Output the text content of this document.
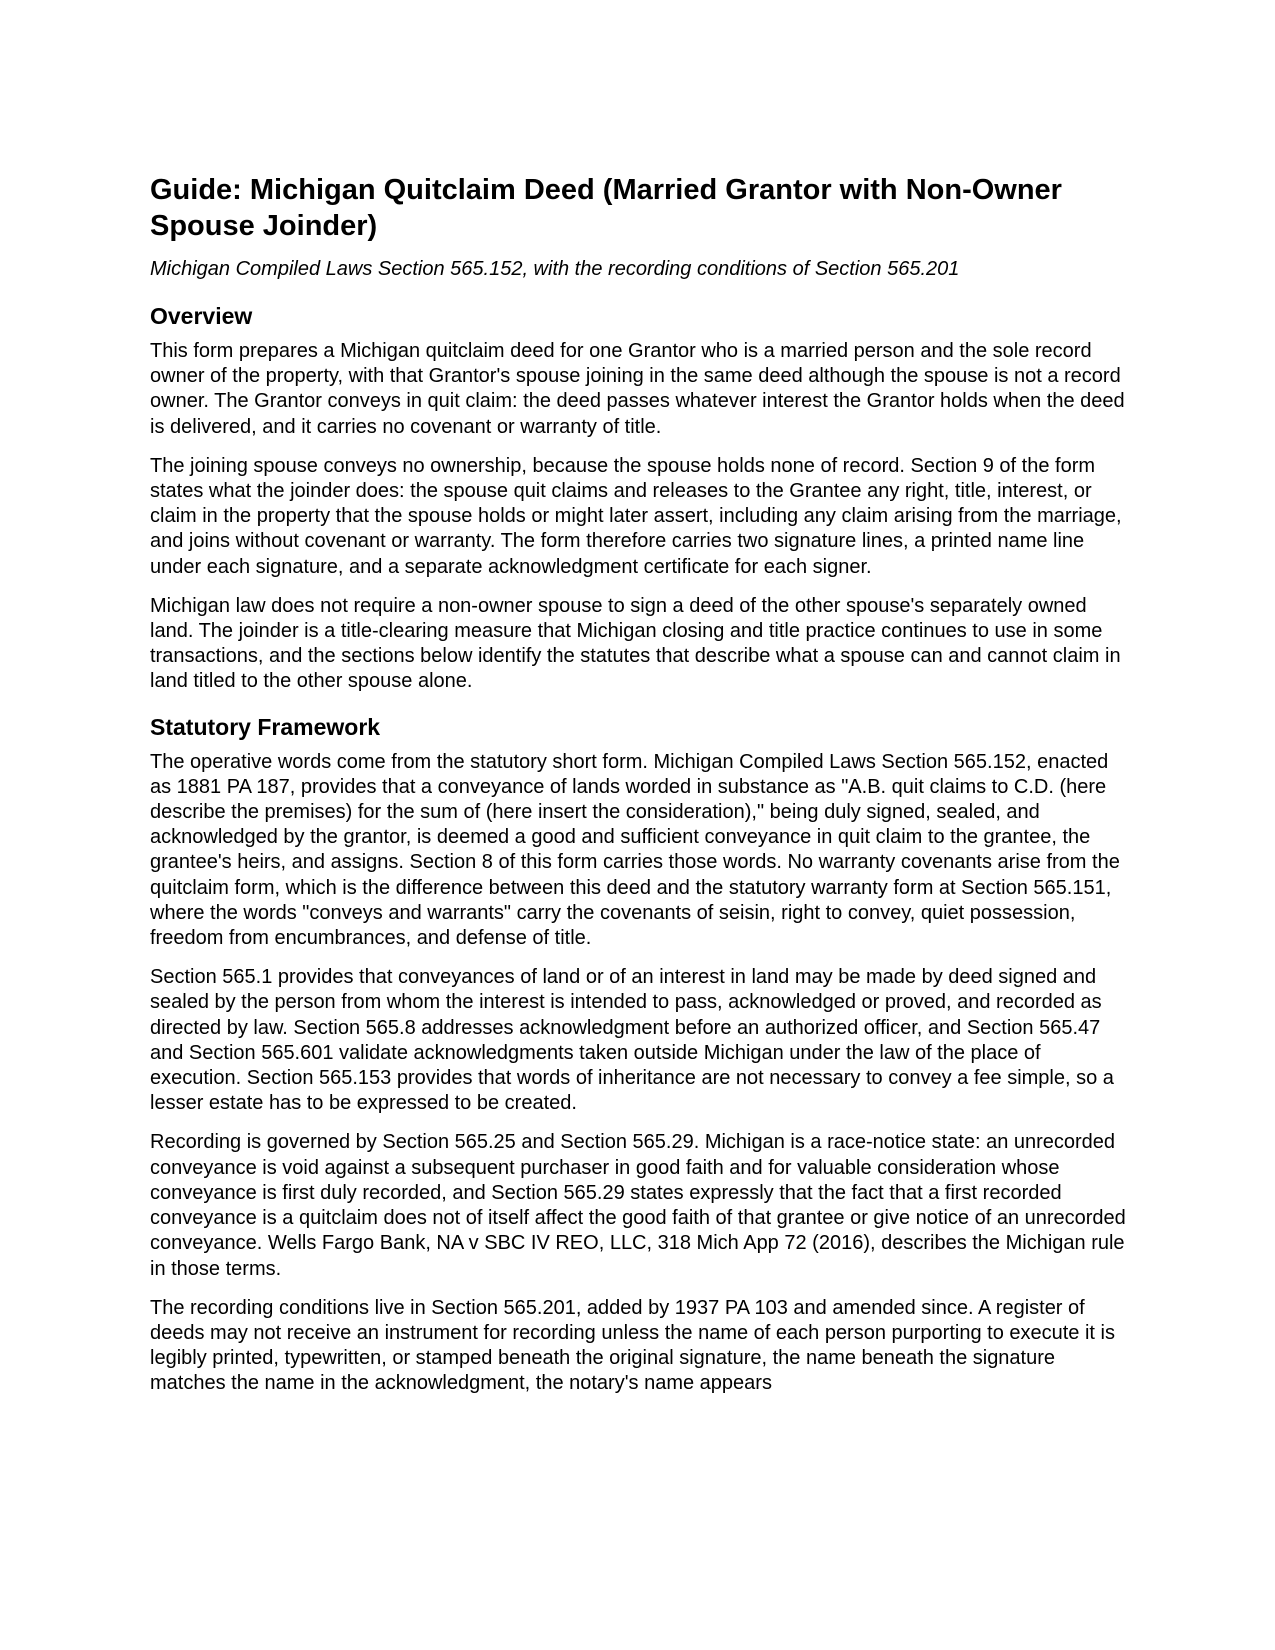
Guide: Michigan Quitclaim Deed (Married Grantor with Non-Owner Spouse Joinder)
Michigan Compiled Laws Section 565.152, with the recording conditions of Section 565.201
Overview

This form prepares a Michigan quitclaim deed for one Grantor who is a married person and the sole record owner of the property, with that Grantor's spouse joining in the same deed although the spouse is not a record owner. The Grantor conveys in quit claim: the deed passes whatever interest the Grantor holds when the deed is delivered, and it carries no covenant or warranty of title.

The joining spouse conveys no ownership, because the spouse holds none of record. Section 9 of the form states what the joinder does: the spouse quit claims and releases to the Grantee any right, title, interest, or claim in the property that the spouse holds or might later assert, including any claim arising from the marriage, and joins without covenant or warranty. The form therefore carries two signature lines, a printed name line under each signature, and a separate acknowledgment certificate for each signer.

Michigan law does not require a non-owner spouse to sign a deed of the other spouse's separately owned land. The joinder is a title-clearing measure that Michigan closing and title practice continues to use in some transactions, and the sections below identify the statutes that describe what a spouse can and cannot claim in land titled to the other spouse alone.

Statutory Framework

The operative words come from the statutory short form. Michigan Compiled Laws Section 565.152, enacted as 1881 PA 187, provides that a conveyance of lands worded in substance as "A.B. quit claims to C.D. (here describe the premises) for the sum of (here insert the consideration)," being duly signed, sealed, and acknowledged by the grantor, is deemed a good and sufficient conveyance in quit claim to the grantee, the grantee's heirs, and assigns. Section 8 of this form carries those words. No warranty covenants arise from the quitclaim form, which is the difference between this deed and the statutory warranty form at Section 565.151, where the words "conveys and warrants" carry the covenants of seisin, right to convey, quiet possession, freedom from encumbrances, and defense of title.

Section 565.1 provides that conveyances of land or of an interest in land may be made by deed signed and sealed by the person from whom the interest is intended to pass, acknowledged or proved, and recorded as directed by law. Section 565.8 addresses acknowledgment before an authorized officer, and Section 565.47 and Section 565.601 validate acknowledgments taken outside Michigan under the law of the place of execution. Section 565.153 provides that words of inheritance are not necessary to convey a fee simple, so a lesser estate has to be expressed to be created.

Recording is governed by Section 565.25 and Section 565.29. Michigan is a race-notice state: an unrecorded conveyance is void against a subsequent purchaser in good faith and for valuable consideration whose conveyance is first duly recorded, and Section 565.29 states expressly that the fact that a first recorded conveyance is a quitclaim does not of itself affect the good faith of that grantee or give notice of an unrecorded conveyance. Wells Fargo Bank, NA v SBC IV REO, LLC, 318 Mich App 72 (2016), describes the Michigan rule in those terms.

The recording conditions live in Section 565.201, added by 1937 PA 103 and amended since. A register of deeds may not receive an instrument for recording unless the name of each person purporting to execute it is legibly printed, typewritten, or stamped beneath the original signature, the name beneath the signature matches the name in the acknowledgment, the notary's name appears
